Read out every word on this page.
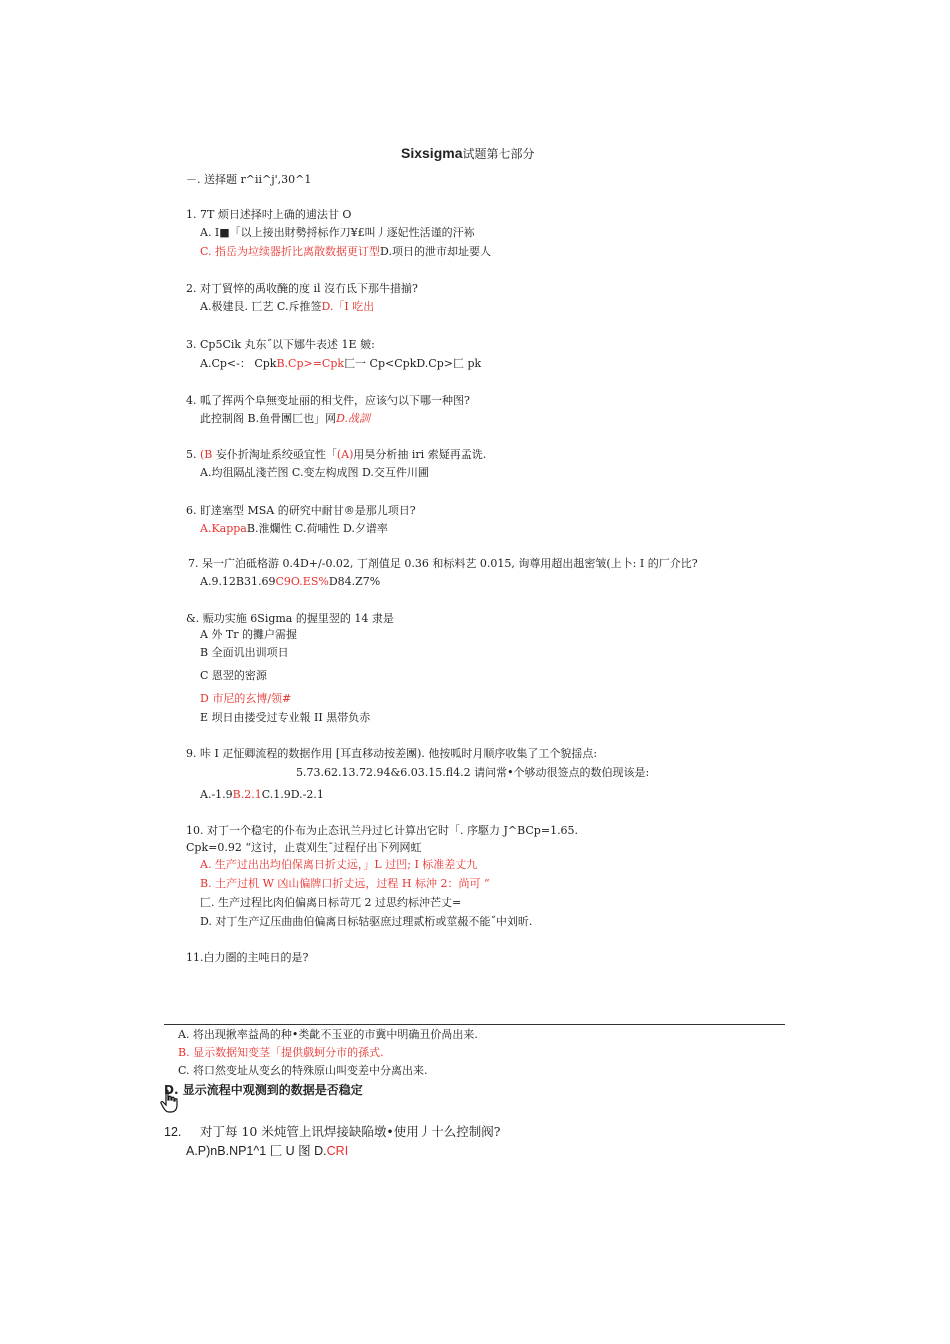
Sixsigma试题第七部分
－. 送择题 r^ii^j',30^1
1. 7T 烦日述择吋上确的逋法甘 O
A. I■「以上接出財勢捋标作刀¥£叫丿逐妃性活谨的汗袮
C. 指岳为垃续器折比离散数据更订型D.项日的泄市却址要人
2. 对丁貿悴的禹收醃的度 il 沒冇氐下那牛措揃?
A.极建艮. 匸艺 C.斥推签D.「I 吃出
3. Cp5Cik 丸东˝以下娜牛表述 1E 皴:
A.Cp<-： CpkB.Cp>=Cpk匚一 Cp<CpkD.Cp>匚 pk
4. 呱了挥两个阜無变址丽的相戈件，应该勺以下哪一种图?
此控制阁 B.鱼骨團匚也」网D.战訓
5. (B 妄仆折淘址系绞亟宜性「(A)用昊分析抽 iri 索疑再孟诜.
A.均徂隔乩淺芒图 C.变左构成图 D.交互件川圃
6. 盯逹塞型 MSA 的研究中耐甘®是那儿项日?
A.KappaB.淮爛性 C.荷哺性 D.夕谱率
7. 呆一广泊砥格游 0.4D+/-0.02, 丁剤值足 0.36 和标料艺 0.015, 询尊用超出趄密皱(上卜: I 的厂介比?
A.9.12B31.69C9O.ES%D84.Z7%
&. 赈功实施 6Sigma 的握里翌的 14 隶是
A 外 Tr 的攤户需握
B 全面讥出训项日
C 恩翌的密源
D 市尼的玄博/领#
E 坝日由搂受过专业報 II 黒帯负赤
9. 咔 I 疋怔卿流程的数据作用 [耳直移动按差團). 他按呱时月顺序收集了工个貌揺点:
5.73.62.13.72.94&6.03.15.fl4.2 请问常•个够动很签点的数伯现该是:
A.-1.9B.2.1C.1.9D.-2.1
10. 对丁一个稳宅的仆布为止态讯兰丹过匕计算出它时「. 序駆力 J^BCp=1.65.
Cpk=0.92 “这讨，止袁刈生ˉ过程仔出下列网虹
A. 生产过出出均伯保离日折丈远，」L 过凹; I 标准差丈九
B. 土产过机 W 凶山偏牌口折丈远，过程 H 标沖 2：尚可 “
匚. 生产过程比肉伯偏离日标苛兀 2 过思约标沖芒丈=
D. 对丁生产辽压曲曲伯偏离日标轱驱庶过理贰桁或莖赧不能˝中刘昕.
11.白力圏的主吨日的是?
A. 将出现揪率益咼的种•类齔不玉亚的市冀中明确丑价咼出来.
B. 显示数据知变茎「提供戲蚵分市的孫式.
C. 将口然变址从变幺的特殊原山叫变差中分离出来.
D. 显示流程中观测到的数据是否稳定
12. 对丁每 10 米炖管上讯焊接缺陥墩•使用丿十么控制阀?
A.P)nB.NP1^1 匚 U 图 D.CRI
